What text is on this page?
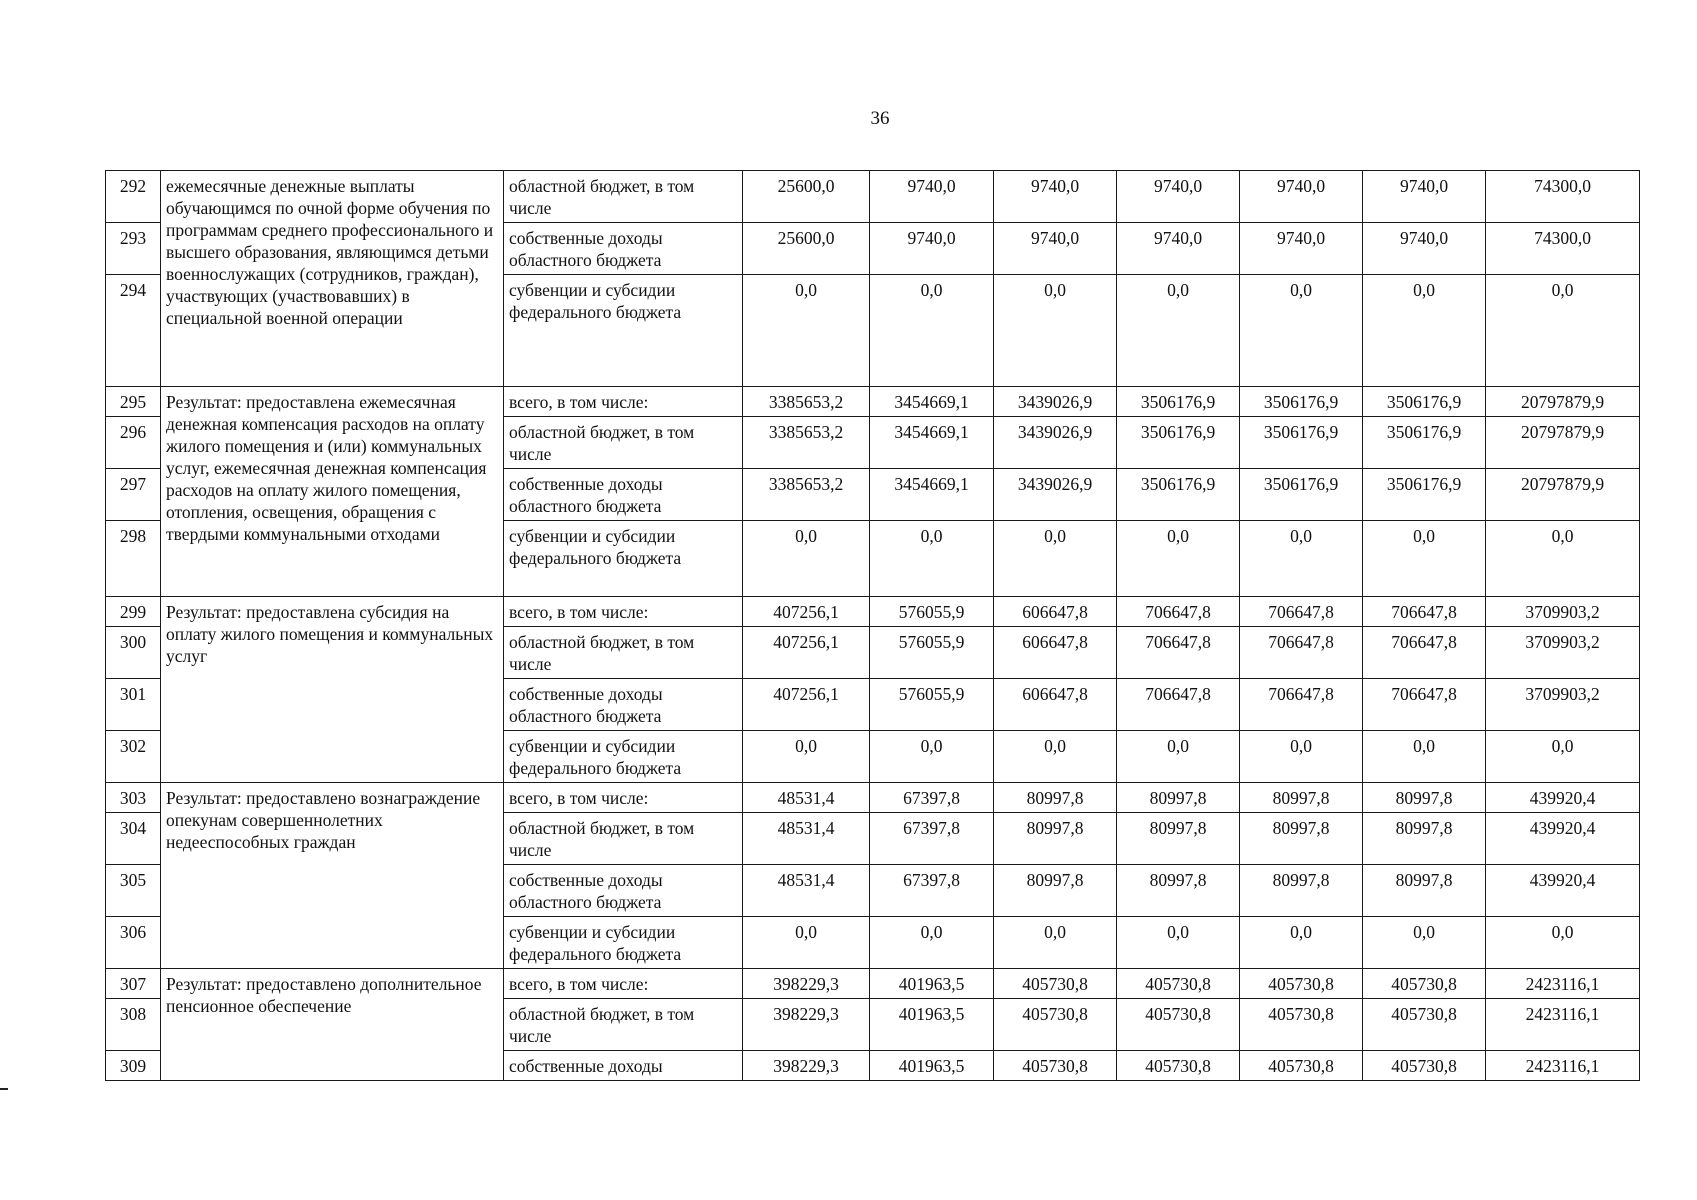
36
292	ежемесячные денежные выплаты обучающимся по очной форме обучения по программам среднего профессионального и высшего образования, являющимся детьми военнослужащих (сотрудников, граждан), участвующих (участвовавших) в специальной военной операции	областной бюджет, в том числе	25600,0	9740,0	9740,0	9740,0	9740,0	9740,0	74300,0
293		собственные доходы областного бюджета	25600,0	9740,0	9740,0	9740,0	9740,0	9740,0	74300,0
294		субвенции и субсидии федерального бюджета	0,0	0,0	0,0	0,0	0,0	0,0	0,0
295	Результат: предоставлена ежемесячная денежная компенсация расходов на оплату жилого помещения и (или) коммунальных услуг, ежемесячная денежная компенсация расходов на оплату жилого помещения, отопления, освещения, обращения с твердыми коммунальными отходами	всего, в том числе:	3385653,2	3454669,1	3439026,9	3506176,9	3506176,9	3506176,9	20797879,9
296		областной бюджет, в том числе	3385653,2	3454669,1	3439026,9	3506176,9	3506176,9	3506176,9	20797879,9
297		собственные доходы областного бюджета	3385653,2	3454669,1	3439026,9	3506176,9	3506176,9	3506176,9	20797879,9
298		субвенции и субсидии федерального бюджета	0,0	0,0	0,0	0,0	0,0	0,0	0,0
299	Результат: предоставлена субсидия на оплату жилого помещения и коммунальных услуг	всего, в том числе:	407256,1	576055,9	606647,8	706647,8	706647,8	706647,8	3709903,2
300		областной бюджет, в том числе	407256,1	576055,9	606647,8	706647,8	706647,8	706647,8	3709903,2
301		собственные доходы областного бюджета	407256,1	576055,9	606647,8	706647,8	706647,8	706647,8	3709903,2
302		субвенции и субсидии федерального бюджета	0,0	0,0	0,0	0,0	0,0	0,0	0,0
303	Результат: предоставлено вознаграждение опекунам совершеннолетних недееспособных граждан	всего, в том числе:	48531,4	67397,8	80997,8	80997,8	80997,8	80997,8	439920,4
304		областной бюджет, в том числе	48531,4	67397,8	80997,8	80997,8	80997,8	80997,8	439920,4
305		собственные доходы областного бюджета	48531,4	67397,8	80997,8	80997,8	80997,8	80997,8	439920,4
306		субвенции и субсидии федерального бюджета	0,0	0,0	0,0	0,0	0,0	0,0	0,0
307	Результат: предоставлено дополнительное пенсионное обеспечение	всего, в том числе:	398229,3	401963,5	405730,8	405730,8	405730,8	405730,8	2423116,1
308		областной бюджет, в том числе	398229,3	401963,5	405730,8	405730,8	405730,8	405730,8	2423116,1
309		собственные доходы	398229,3	401963,5	405730,8	405730,8	405730,8	405730,8	2423116,1
